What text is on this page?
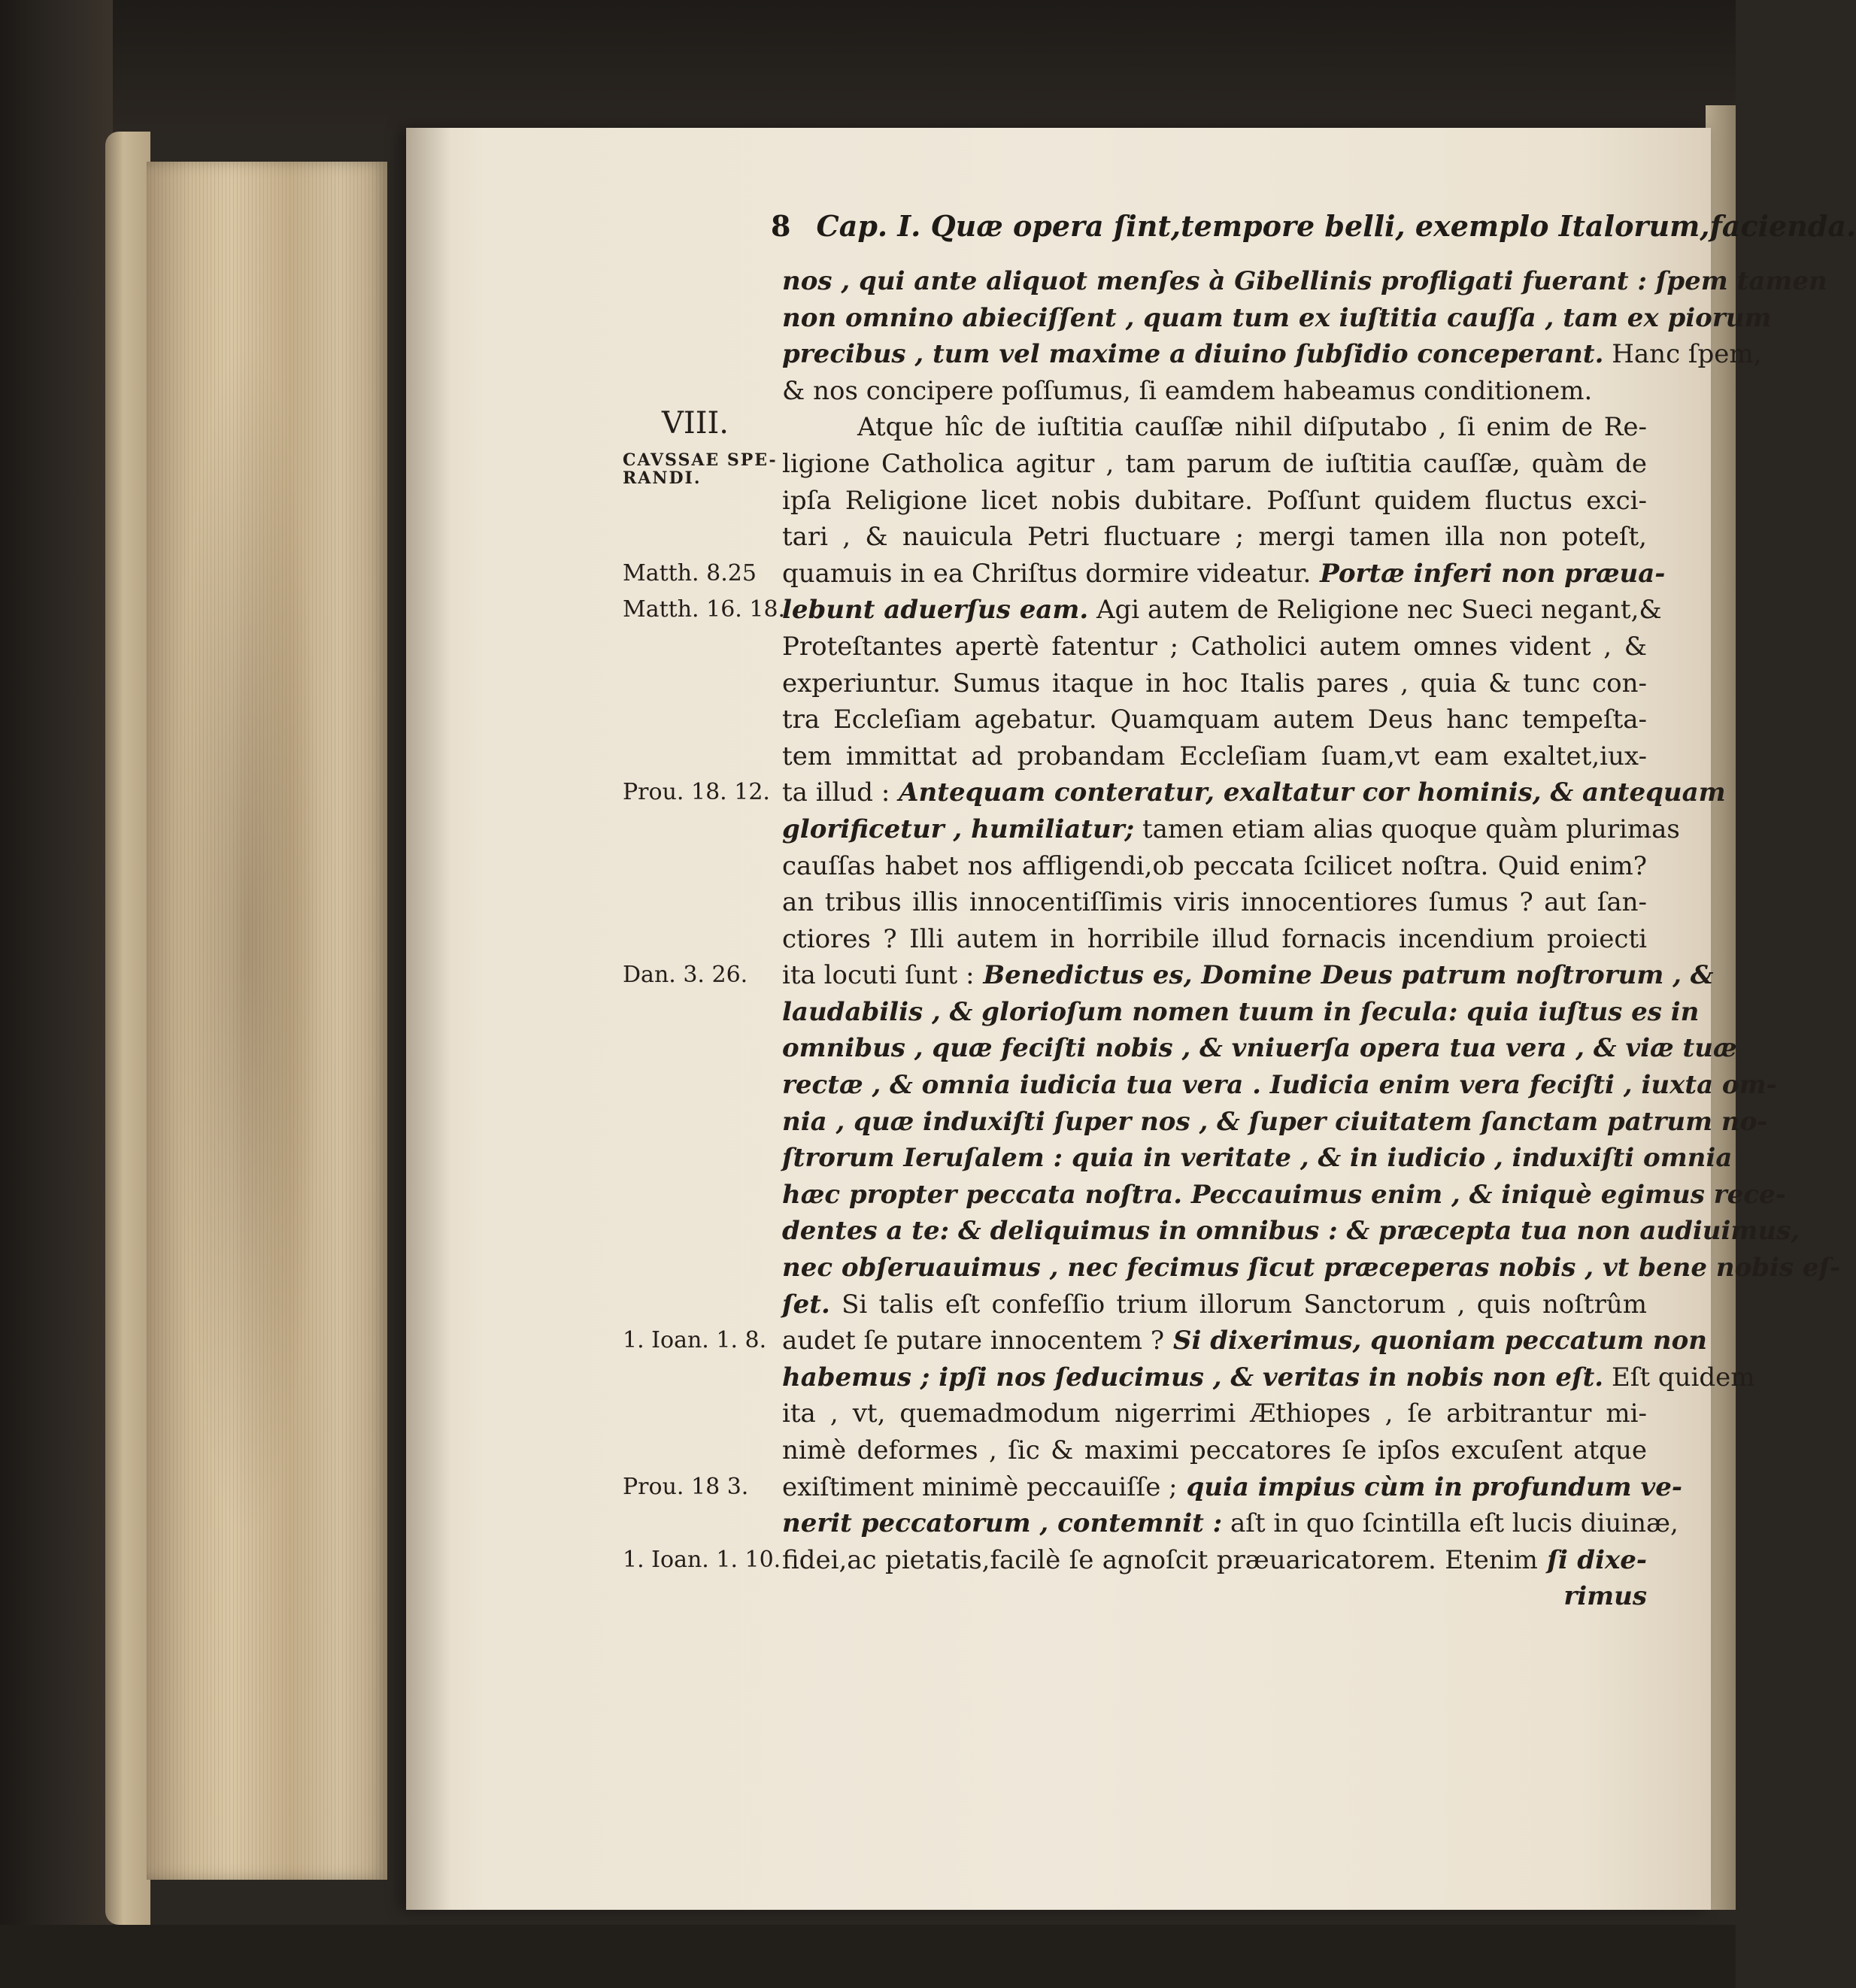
8 Cap. I. Quæ opera ſint,tempore belli, exemplo Italorum,facienda.
nos , qui ante aliquot menſes à Gibellinis profligati fuerant : ſpem tamen
non omnino abieciſſent , quam tum ex iuſtitia cauſſa , tam ex piorum
precibus , tum vel maxime a diuino ſubſidio conceperant. Hanc ſpem,
& nos concipere poſſumus, ſi eamdem habeamus conditionem.
Atque hîc de iuſtitia cauſſæ nihil diſputabo , ſi enim de Re-
ligione Catholica agitur , tam parum de iuſtitia cauſſæ, quàm de
ipſa Religione licet nobis dubitare. Poſſunt quidem fluctus exci-
tari , & nauicula Petri fluctuare ; mergi tamen illa non poteſt,
quamuis in ea Chriſtus dormire videatur. Portæ inferi non præua-
lebunt aduerſus eam. Agi autem de Religione nec Sueci negant,&
Proteſtantes apertè fatentur ; Catholici autem omnes vident , &
experiuntur. Sumus itaque in hoc Italis pares , quia & tunc con-
tra Eccleſiam agebatur. Quamquam autem Deus hanc tempeſta-
tem immittat ad probandam Eccleſiam ſuam,vt eam exaltet,iux-
ta illud : Antequam conteratur, exaltatur cor hominis, & antequam
glorificetur , humiliatur; tamen etiam alias quoque quàm plurimas
cauſſas habet nos affligendi,ob peccata ſcilicet noſtra. Quid enim?
an tribus illis innocentiſſimis viris innocentiores ſumus ? aut ſan-
ctiores ? Illi autem in horribile illud fornacis incendium proiecti
ita locuti ſunt : Benedictus es, Domine Deus patrum noſtrorum , &
laudabilis , & glorioſum nomen tuum in ſecula: quia iuſtus es in
omnibus , quæ feciſti nobis , & vniuerſa opera tua vera , & viæ tuæ
rectæ , & omnia iudicia tua vera . Iudicia enim vera feciſti , iuxta om-
nia , quæ induxiſti ſuper nos , & ſuper ciuitatem ſanctam patrum no-
ſtrorum Ieruſalem : quia in veritate , & in iudicio , induxiſti omnia
hæc propter peccata noſtra. Peccauimus enim , & iniquè egimus rece-
dentes a te: & deliquimus in omnibus : & præcepta tua non audiuimus,
nec obſeruauimus , nec fecimus ſicut præceperas nobis , vt bene nobis eſ-
ſet. Si talis eſt confeſſio trium illorum Sanctorum , quis noſtrûm
audet ſe putare innocentem ? Si dixerimus, quoniam peccatum non
habemus ; ipſi nos ſeducimus , & veritas in nobis non eſt. Eſt quidem
ita , vt, quemadmodum nigerrimi Æthiopes , ſe arbitrantur mi-
nimè deformes , ſic & maximi peccatores ſe ipſos excuſent atque
exiſtiment minimè peccauiſſe ; quia impius cùm in profundum ve-
nerit peccatorum , contemnit : aſt in quo ſcintilla eſt lucis diuinæ,
fidei,ac pietatis,facilè ſe agnoſcit præuaricatorem. Etenim ſi dixe-
rimus
VIII.
CAVSSAE SPE-
RANDI.
Matth. 8.25
Matth. 16. 18.
Prou. 18. 12.
Dan. 3. 26.
1. Ioan. 1. 8.
Prou. 18 3.
1. Ioan. 1. 10.
